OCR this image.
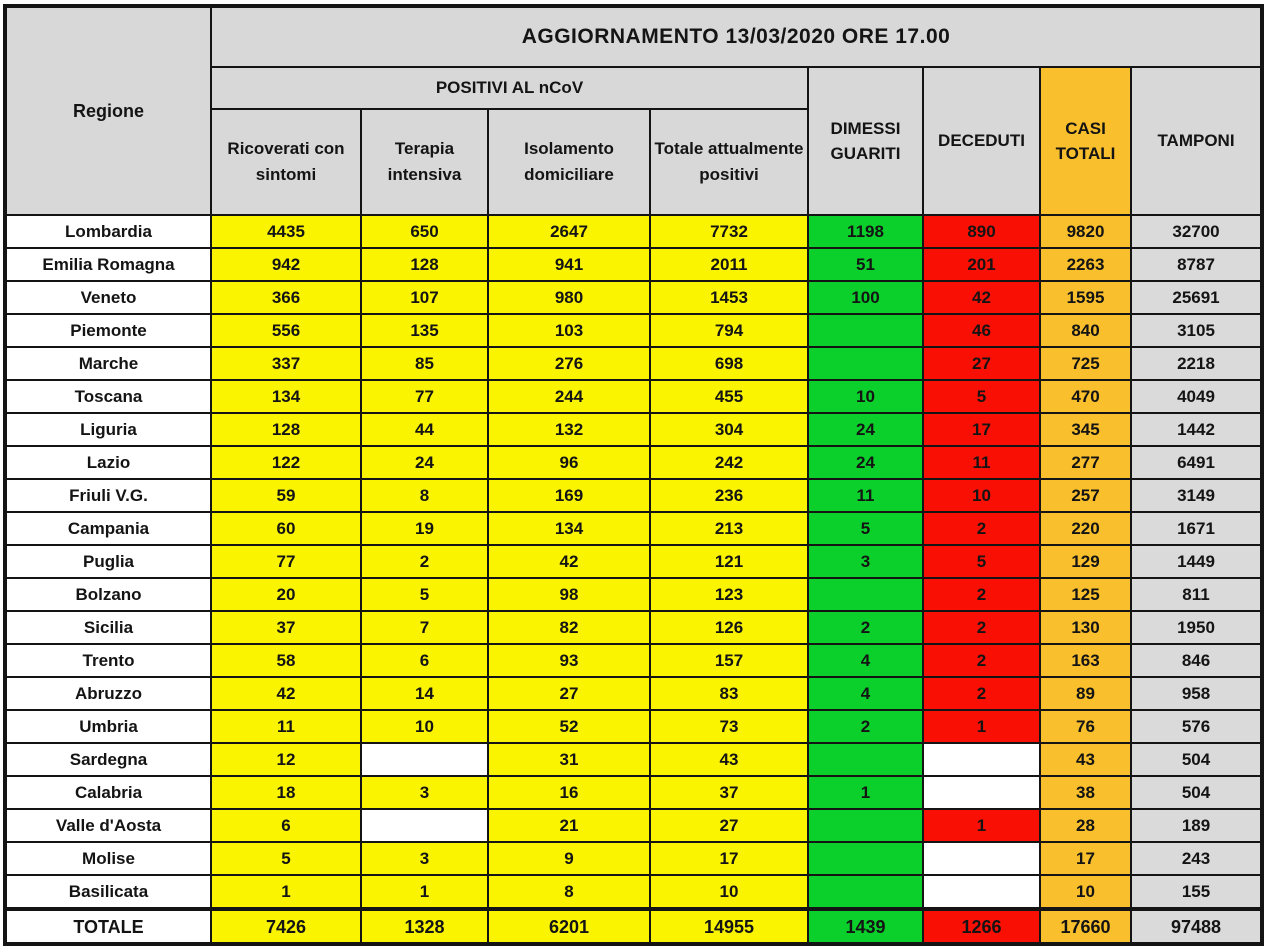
Regione	AGGIORNAMENTO 13/03/2020 ORE 17.00							
	POSITIVI AL nCoV				DIMESSI GUARITI	DECEDUTI	CASI TOTALI	TAMPONI
	Ricoverati con sintomi	Terapia intensiva	Isolamento domiciliare	Totale attualmente positivi				
Lombardia	4435	650	2647	7732	1198	890	9820	32700
Emilia Romagna	942	128	941	2011	51	201	2263	8787
Veneto	366	107	980	1453	100	42	1595	25691
Piemonte	556	135	103	794		46	840	3105
Marche	337	85	276	698		27	725	2218
Toscana	134	77	244	455	10	5	470	4049
Liguria	128	44	132	304	24	17	345	1442
Lazio	122	24	96	242	24	11	277	6491
Friuli V.G.	59	8	169	236	11	10	257	3149
Campania	60	19	134	213	5	2	220	1671
Puglia	77	2	42	121	3	5	129	1449
Bolzano	20	5	98	123		2	125	811
Sicilia	37	7	82	126	2	2	130	1950
Trento	58	6	93	157	4	2	163	846
Abruzzo	42	14	27	83	4	2	89	958
Umbria	11	10	52	73	2	1	76	576
Sardegna	12		31	43			43	504
Calabria	18	3	16	37	1		38	504
Valle d'Aosta	6		21	27		1	28	189
Molise	5	3	9	17			17	243
Basilicata	1	1	8	10			10	155
TOTALE	7426	1328	6201	14955	1439	1266	17660	97488
